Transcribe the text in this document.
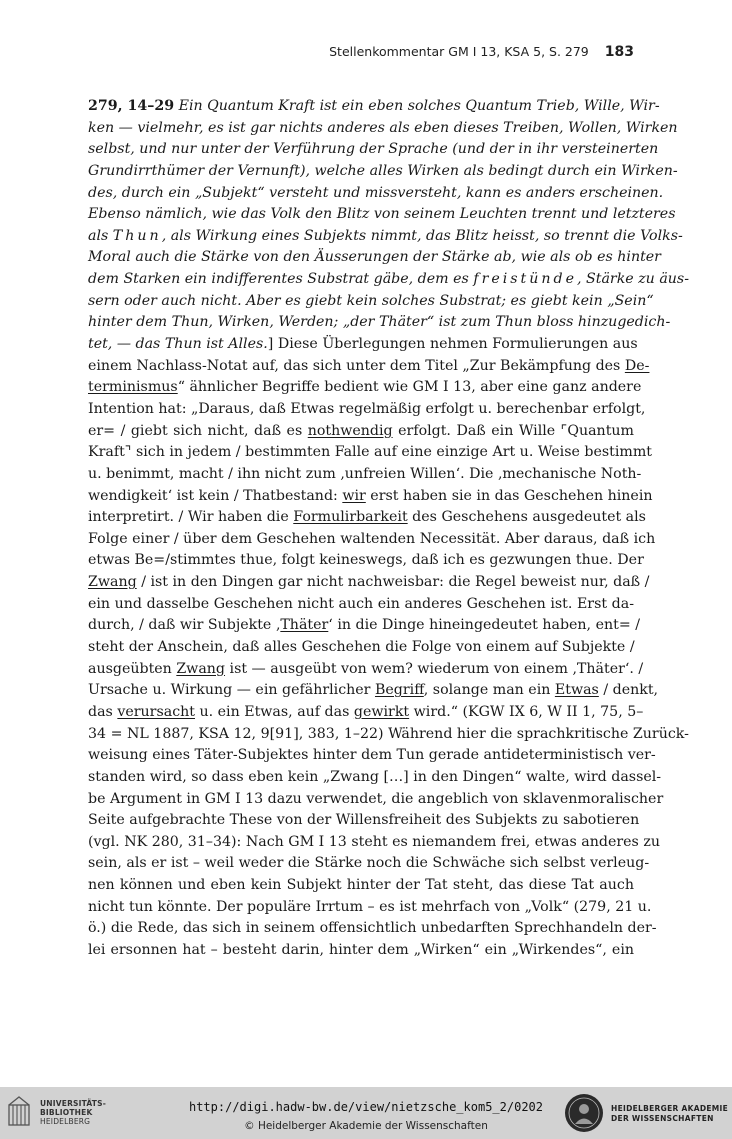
Stellenkommentar GM I 13, KSA 5, S. 279 183
279, 14–29 Ein Quantum Kraft ist ein eben solches Quantum Trieb, Wille, Wir-
ken — vielmehr, es ist gar nichts anderes als eben dieses Treiben, Wollen, Wirken
selbst, und nur unter der Verführung der Sprache (und der in ihr versteinerten
Grundirrthümer der Vernunft), welche alles Wirken als bedingt durch ein Wirken-
des, durch ein „Subjekt“ versteht und missversteht, kann es anders erscheinen.
Ebenso nämlich, wie das Volk den Blitz von seinem Leuchten trennt und letzteres
als Thun, als Wirkung eines Subjekts nimmt, das Blitz heisst, so trennt die Volks-
Moral auch die Stärke von den Äusserungen der Stärke ab, wie als ob es hinter
dem Starken ein indifferentes Substrat gäbe, dem es freistünde, Stärke zu äus-
sern oder auch nicht. Aber es giebt kein solches Substrat; es giebt kein „Sein“
hinter dem Thun, Wirken, Werden; „der Thäter“ ist zum Thun bloss hinzugedich-
tet, — das Thun ist Alles.] Diese Überlegungen nehmen Formulierungen aus
einem Nachlass-Notat auf, das sich unter dem Titel „Zur Bekämpfung des De-
terminismus“ ähnlicher Begriffe bedient wie GM I 13, aber eine ganz andere
Intention hat: „Daraus, daß Etwas regelmäßig erfolgt u. berechenbar erfolgt,
er= / giebt sich nicht, daß es nothwendig erfolgt. Daß ein Wille ⌜Quantum
Kraft⌝ sich in jedem / bestimmten Falle auf eine einzige Art u. Weise bestimmt
u. benimmt, macht / ihn nicht zum ‚unfreien Willen‘. Die ‚mechanische Noth-
wendigkeit‘ ist kein / Thatbestand: wir erst haben sie in das Geschehen hinein
interpretirt. / Wir haben die Formulirbarkeit des Geschehens ausgedeutet als
Folge einer / über dem Geschehen waltenden Necessität. Aber daraus, daß ich
etwas Be=/stimmtes thue, folgt keineswegs, daß ich es gezwungen thue. Der
Zwang / ist in den Dingen gar nicht nachweisbar: die Regel beweist nur, daß /
ein und dasselbe Geschehen nicht auch ein anderes Geschehen ist. Erst da-
durch, / daß wir Subjekte ‚Thäter‘ in die Dinge hineingedeutet haben, ent= /
steht der Anschein, daß alles Geschehen die Folge von einem auf Subjekte /
ausgeübten Zwang ist — ausgeübt von wem? wiederum von einem ‚Thäter‘. /
Ursache u. Wirkung — ein gefährlicher Begriff, solange man ein Etwas / denkt,
das verursacht u. ein Etwas, auf das gewirkt wird.“ (KGW IX 6, W II 1, 75, 5–
34 = NL 1887, KSA 12, 9[91], 383, 1–22) Während hier die sprachkritische Zurück-
weisung eines Täter-Subjektes hinter dem Tun gerade antideterministisch ver-
standen wird, so dass eben kein „Zwang […] in den Dingen“ walte, wird dassel-
be Argument in GM I 13 dazu verwendet, die angeblich von sklavenmoralischer
Seite aufgebrachte These von der Willensfreiheit des Subjekts zu sabotieren
(vgl. NK 280, 31–34): Nach GM I 13 steht es niemandem frei, etwas anderes zu
sein, als er ist – weil weder die Stärke noch die Schwäche sich selbst verleug-
nen können und eben kein Subjekt hinter der Tat steht, das diese Tat auch
nicht tun könnte. Der populäre Irrtum – es ist mehrfach von „Volk“ (279, 21 u.
ö.) die Rede, das sich in seinem offensichtlich unbedarften Sprechhandeln der-
lei ersonnen hat – besteht darin, hinter dem „Wirken“ ein „Wirkendes“, ein
UNIVERSITÄTS-
BIBLIOTHEK
HEIDELBERG
http://digi.hadw-bw.de/view/nietzsche_kom5_2/0202
© Heidelberger Akademie der Wissenschaften
HEIDELBERGER AKADEMIE
DER WISSENSCHAFTEN
